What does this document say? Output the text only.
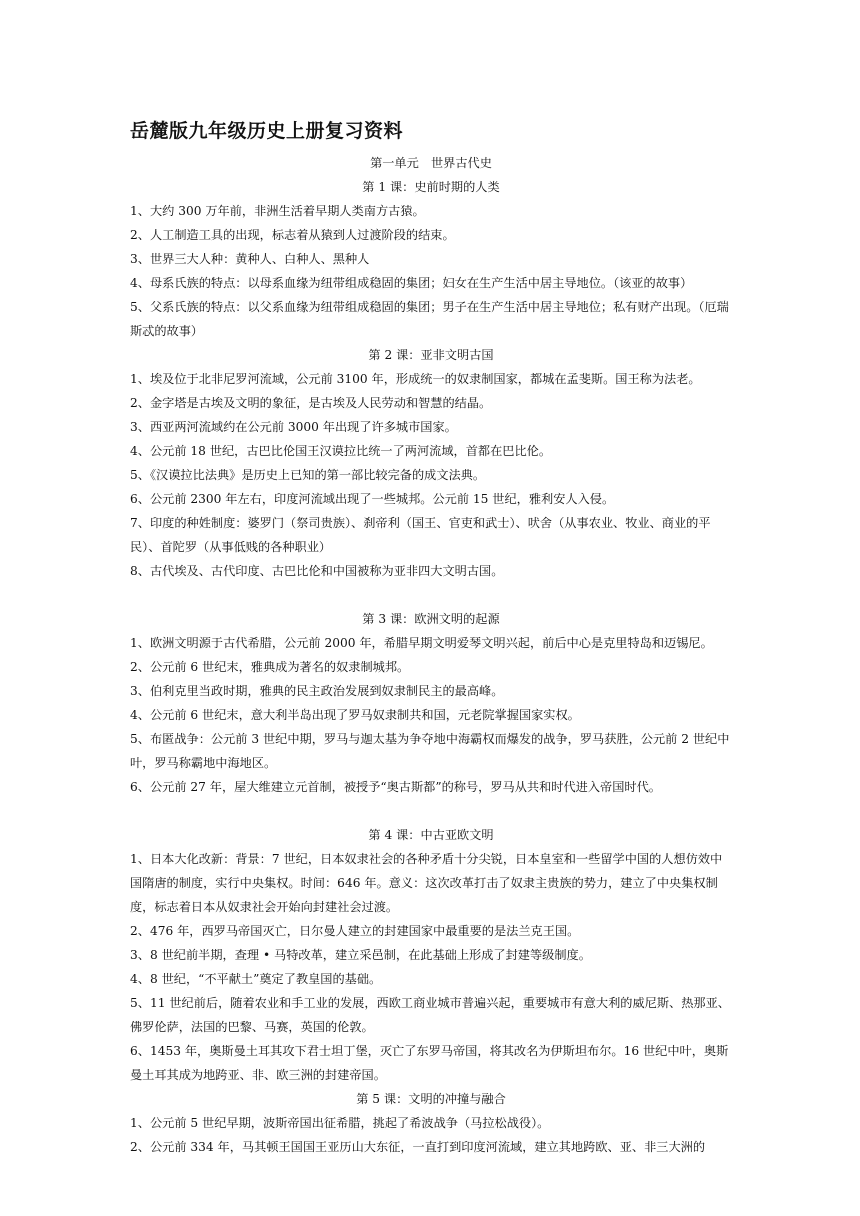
岳麓版九年级历史上册复习资料

第一单元　世界古代史

第 1 课：史前时期的人类

1、大约 300 万年前，非洲生活着早期人类南方古猿。

2、人工制造工具的出现，标志着从猿到人过渡阶段的结束。

3、世界三大人种：黄种人、白种人、黑种人

4、母系氏族的特点：以母系血缘为纽带组成稳固的集团；妇女在生产生活中居主导地位。（该亚的故事）

5、父系氏族的特点：以父系血缘为纽带组成稳固的集团；男子在生产生活中居主导地位；私有财产出现。（厄瑞斯忒的故事）

第 2 课：亚非文明古国

1、埃及位于北非尼罗河流域，公元前 3100 年，形成统一的奴隶制国家，都城在孟斐斯。国王称为法老。

2、金字塔是古埃及文明的象征，是古埃及人民劳动和智慧的结晶。

3、西亚两河流域约在公元前 3000 年出现了许多城市国家。

4、公元前 18 世纪，古巴比伦国王汉谟拉比统一了两河流域，首都在巴比伦。

5、《汉谟拉比法典》是历史上已知的第一部比较完备的成文法典。

6、公元前 2300 年左右，印度河流域出现了一些城邦。公元前 15 世纪，雅利安人入侵。

7、印度的种姓制度：婆罗门（祭司贵族）、刹帝利（国王、官吏和武士）、吠舍（从事农业、牧业、商业的平民）、首陀罗（从事低贱的各种职业）

8、古代埃及、古代印度、古巴比伦和中国被称为亚非四大文明古国。

第 3 课：欧洲文明的起源

1、欧洲文明源于古代希腊，公元前 2000 年，希腊早期文明爱琴文明兴起，前后中心是克里特岛和迈锡尼。

2、公元前 6 世纪末，雅典成为著名的奴隶制城邦。

3、伯利克里当政时期，雅典的民主政治发展到奴隶制民主的最高峰。

4、公元前 6 世纪末，意大利半岛出现了罗马奴隶制共和国，元老院掌握国家实权。

5、布匿战争：公元前 3 世纪中期，罗马与迦太基为争夺地中海霸权而爆发的战争，罗马获胜，公元前 2 世纪中叶，罗马称霸地中海地区。

6、公元前 27 年，屋大维建立元首制，被授予“奥古斯都”的称号，罗马从共和时代进入帝国时代。

第 4 课：中古亚欧文明

1、日本大化改新：背景：7 世纪，日本奴隶社会的各种矛盾十分尖锐，日本皇室和一些留学中国的人想仿效中国隋唐的制度，实行中央集权。时间：646 年。意义：这次改革打击了奴隶主贵族的势力，建立了中央集权制度，标志着日本从奴隶社会开始向封建社会过渡。

2、476 年，西罗马帝国灭亡，日尔曼人建立的封建国家中最重要的是法兰克王国。

3、8 世纪前半期，查理 • 马特改革，建立采邑制，在此基础上形成了封建等级制度。

4、8 世纪，“不平献土”奠定了教皇国的基础。

5、11 世纪前后，随着农业和手工业的发展，西欧工商业城市普遍兴起，重要城市有意大利的威尼斯、热那亚、佛罗伦萨，法国的巴黎、马赛，英国的伦敦。

6、1453 年，奥斯曼土耳其攻下君士坦丁堡，灭亡了东罗马帝国，将其改名为伊斯坦布尔。16 世纪中叶，奥斯曼土耳其成为地跨亚、非、欧三洲的封建帝国。

第 5 课：文明的冲撞与融合

1、公元前 5 世纪早期，波斯帝国出征希腊，挑起了希波战争（马拉松战役）。

2、公元前 334 年，马其顿王国国王亚历山大东征，一直打到印度河流域，建立其地跨欧、亚、非三大洲的
